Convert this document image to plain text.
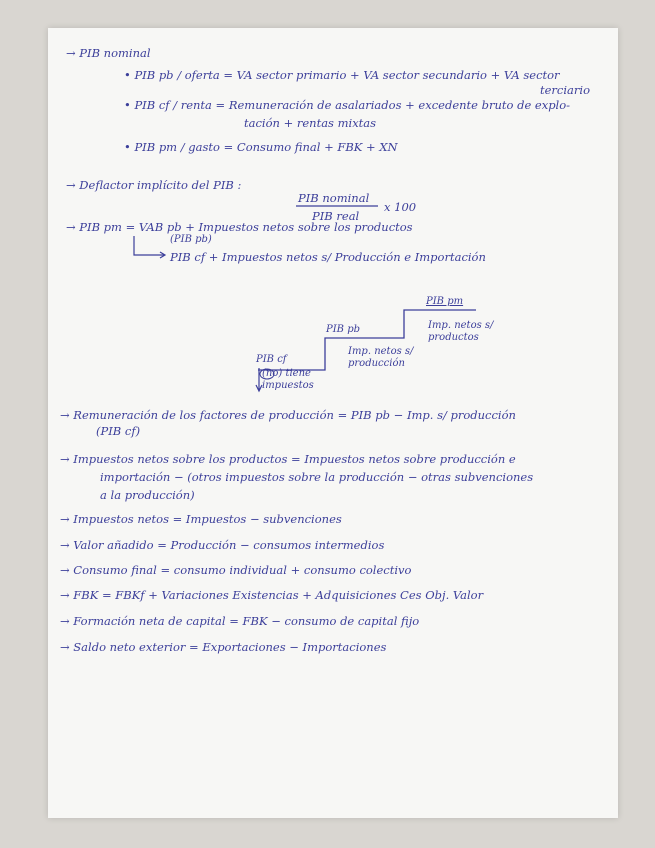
→ PIB nominal
• PIB pb / oferta = VA sector primario + VA sector secundario + VA sector
terciario
• PIB cf / renta = Remuneración de asalariados + excedente bruto de explo-
tación + rentas mixtas
• PIB pm / gasto = Consumo final + FBK + XN
→ Deflactor implícito del PIB :
PIB nominal
PIB real
x 100
→ PIB pm = VAB pb + Impuestos netos sobre los productos
(PIB pb)
PIB cf + Impuestos netos s/ Producción e Importación
PIB pm
Imp. netos s/ productos
PIB pb
Imp. netos s/ producción
PIB cf
(no) tiene impuestos
→ Remuneración de los factores de producción = PIB pb − Imp. s/ producción
(PIB cf)
→ Impuestos netos sobre los productos = Impuestos netos sobre producción e
importación − (otros impuestos sobre la producción − otras subvenciones
a la producción)
→ Impuestos netos = Impuestos − subvenciones
→ Valor añadido = Producción − consumos intermedios
→ Consumo final = consumo individual + consumo colectivo
→ FBK = FBKf + Variaciones Existencias + Adquisiciones Ces Obj. Valor
→ Formación neta de capital = FBK − consumo de capital fijo
→ Saldo neto exterior = Exportaciones − Importaciones
